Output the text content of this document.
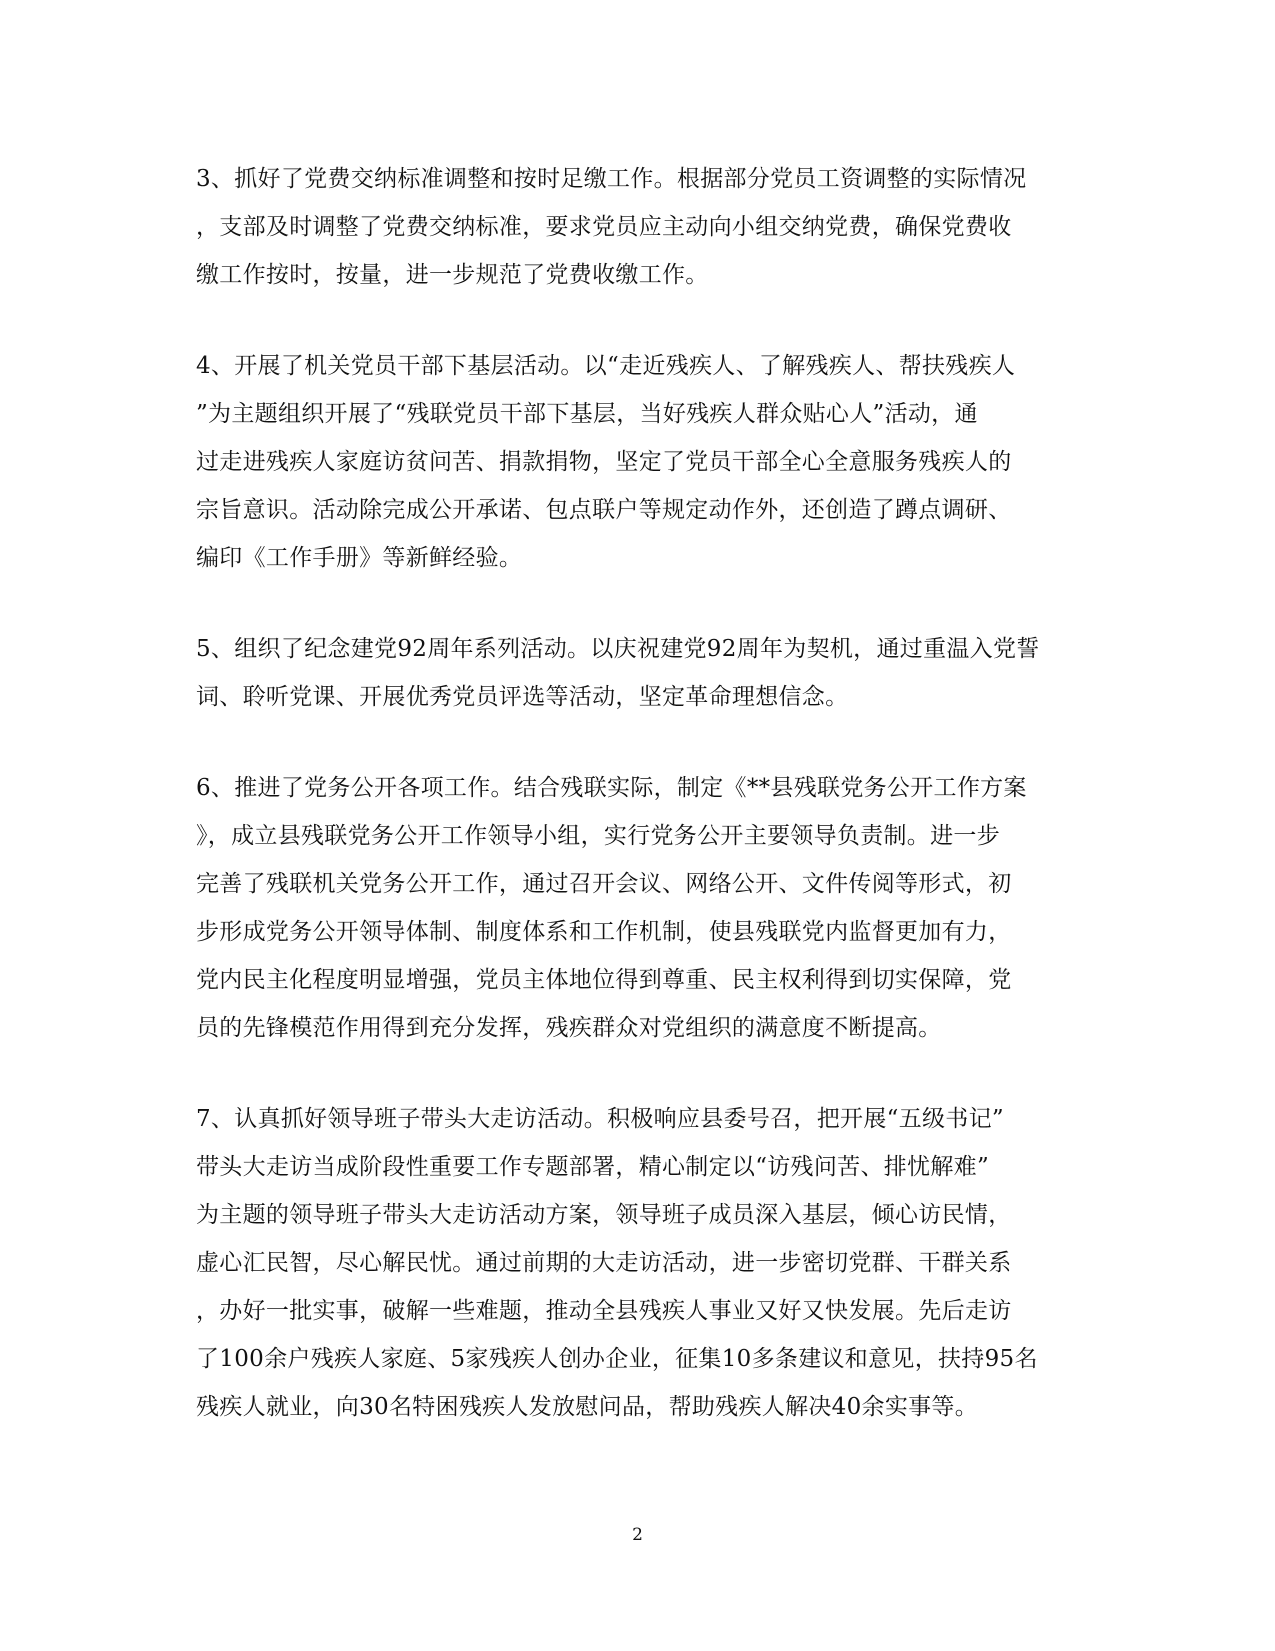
3、抓好了党费交纳标准调整和按时足缴工作。根据部分党员工资调整的实际情况
，支部及时调整了党费交纳标准，要求党员应主动向小组交纳党费，确保党费收
缴工作按时，按量，进一步规范了党费收缴工作。
4、开展了机关党员干部下基层活动。以“走近残疾人、了解残疾人、帮扶残疾人
”为主题组织开展了“残联党员干部下基层，当好残疾人群众贴心人”活动，通
过走进残疾人家庭访贫问苦、捐款捐物，坚定了党员干部全心全意服务残疾人的
宗旨意识。活动除完成公开承诺、包点联户等规定动作外，还创造了蹲点调研、
编印《工作手册》等新鲜经验。
5、组织了纪念建党92周年系列活动。以庆祝建党92周年为契机，通过重温入党誓
词、聆听党课、开展优秀党员评选等活动，坚定革命理想信念。
6、推进了党务公开各项工作。结合残联实际，制定《**县残联党务公开工作方案
》，成立县残联党务公开工作领导小组，实行党务公开主要领导负责制。进一步
完善了残联机关党务公开工作，通过召开会议、网络公开、文件传阅等形式，初
步形成党务公开领导体制、制度体系和工作机制，使县残联党内监督更加有力，
党内民主化程度明显增强，党员主体地位得到尊重、民主权利得到切实保障，党
员的先锋模范作用得到充分发挥，残疾群众对党组织的满意度不断提高。
7、认真抓好领导班子带头大走访活动。积极响应县委号召，把开展“五级书记”
带头大走访当成阶段性重要工作专题部署，精心制定以“访残问苦、排忧解难”
为主题的领导班子带头大走访活动方案，领导班子成员深入基层，倾心访民情，
虚心汇民智，尽心解民忧。通过前期的大走访活动，进一步密切党群、干群关系
，办好一批实事，破解一些难题，推动全县残疾人事业又好又快发展。先后走访
了100余户残疾人家庭、5家残疾人创办企业，征集10多条建议和意见，扶持95名
残疾人就业，向30名特困残疾人发放慰问品，帮助残疾人解决40余实事等。
2
